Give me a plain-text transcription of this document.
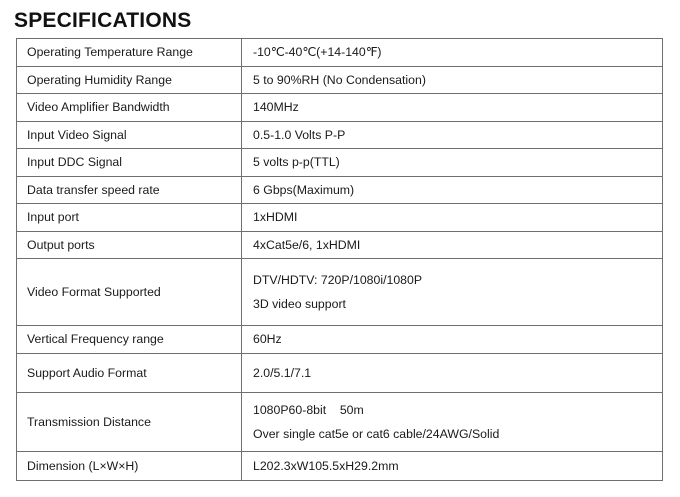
SPECIFICATIONS
Operating Temperature Range	-10℃-40℃(+14-140℉)
Operating Humidity Range	5 to 90%RH (No Condensation)
Video Amplifier Bandwidth	140MHz
Input Video Signal	0.5-1.0 Volts P-P
Input DDC Signal	5 volts p-p(TTL)
Data transfer speed rate	6 Gbps(Maximum)
Input port	1xHDMI
Output ports	4xCat5e/6, 1xHDMI
Video Format Supported	DTV/HDTV: 720P/1080i/1080P
3D video support

Vertical Frequency range	60Hz
Support Audio Format	2.0/5.1/7.1
Transmission Distance	1080P60-8bit    50m
Over single cat5e or cat6 cable/24AWG/Solid

Dimension (L×W×H)	L202.3xW105.5xH29.2mm
